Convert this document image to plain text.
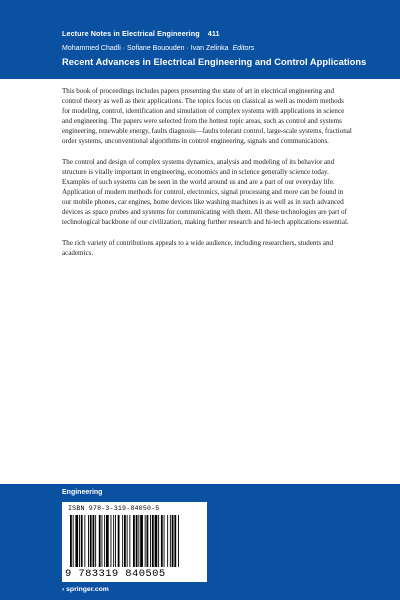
Lecture Notes in Electrical Engineering 411
Mohammed Chadli · Sofiane Bououden · Ivan Zelinka Editors
Recent Advances in Electrical Engineering and Control Applications

This book of proceedings includes papers presenting the state of art in electrical engineering and control theory as well as their applications. The topics focus on classical as well as modern methods for modeling, control, identification and simulation of complex systems with applications in science and engineering. The papers were selected from the hottest topic areas, such as control and systems engineering, renewable energy, faults diagnosis—faults tolerant control, large-scale systems, fractional order systems, unconventional algorithms in control engineering, signals and communications.

The control and design of complex systems dynamics, analysis and modeling of its behavior and structure is vitally important in engineering, economics and in science generally science today. Examples of such systems can be seen in the world around us and are a part of our everyday life. Application of modern methods for control, electronics, signal processing and more can be found in our mobile phones, car engines, home devices like washing machines is as well as in such advanced devices as space probes and systems for communicating with them. All these technologies are part of technological backbone of our civilization, making further research and hi-tech applications essential.

The rich variety of contributions appeals to a wide audience, including researchers, students and academics.

Engineering
ISBN 978-3-319-84050-5
9 783319 840505
› springer.com
